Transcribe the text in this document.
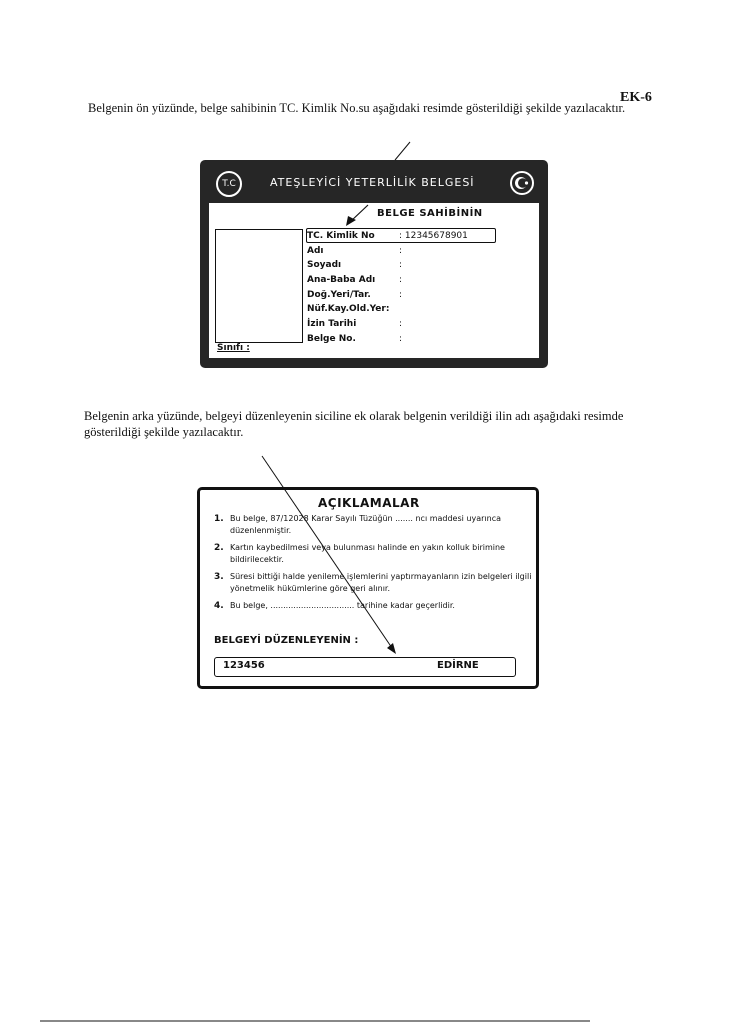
EK-6
Belgenin ön yüzünde, belge sahibinin TC. Kimlik No.su aşağıdaki resimde gösterildiği şekilde yazılacaktır.
T.C	ATEŞLEYİCİ YETERLİLİK BELGESİ
BELGE SAHİBİNİN
TC. Kimlik No	: 12345678901
Adı	:
Soyadı	:
Ana-Baba Adı	:
Doğ.Yeri/Tar.	:
Nüf.Kay.Old.Yer:
İzin Tarihi	:
Belge No.	:
Sınıfı :
Belgenin arka yüzünde, belgeyi düzenleyenin siciline ek olarak belgenin verildiği ilin adı aşağıdaki resimde gösterildiği şekilde yazılacaktır.
AÇIKLAMALAR
1. Bu belge, 87/12028 Karar Sayılı Tüzüğün ....... ncı maddesi uyarınca düzenlenmiştir.
2. Kartın kaybedilmesi veya bulunması halinde en yakın kolluk birimine bildirilecektir.
3. Süresi bittiği halde yenileme işlemlerini yaptırmayanların izin belgeleri ilgili yönetmelik hükümlerine göre geri alınır.
4. Bu belge, ................................. tarihine kadar geçerlidir.
BELGEYİ DÜZENLEYENİN :
123456	EDİRNE
